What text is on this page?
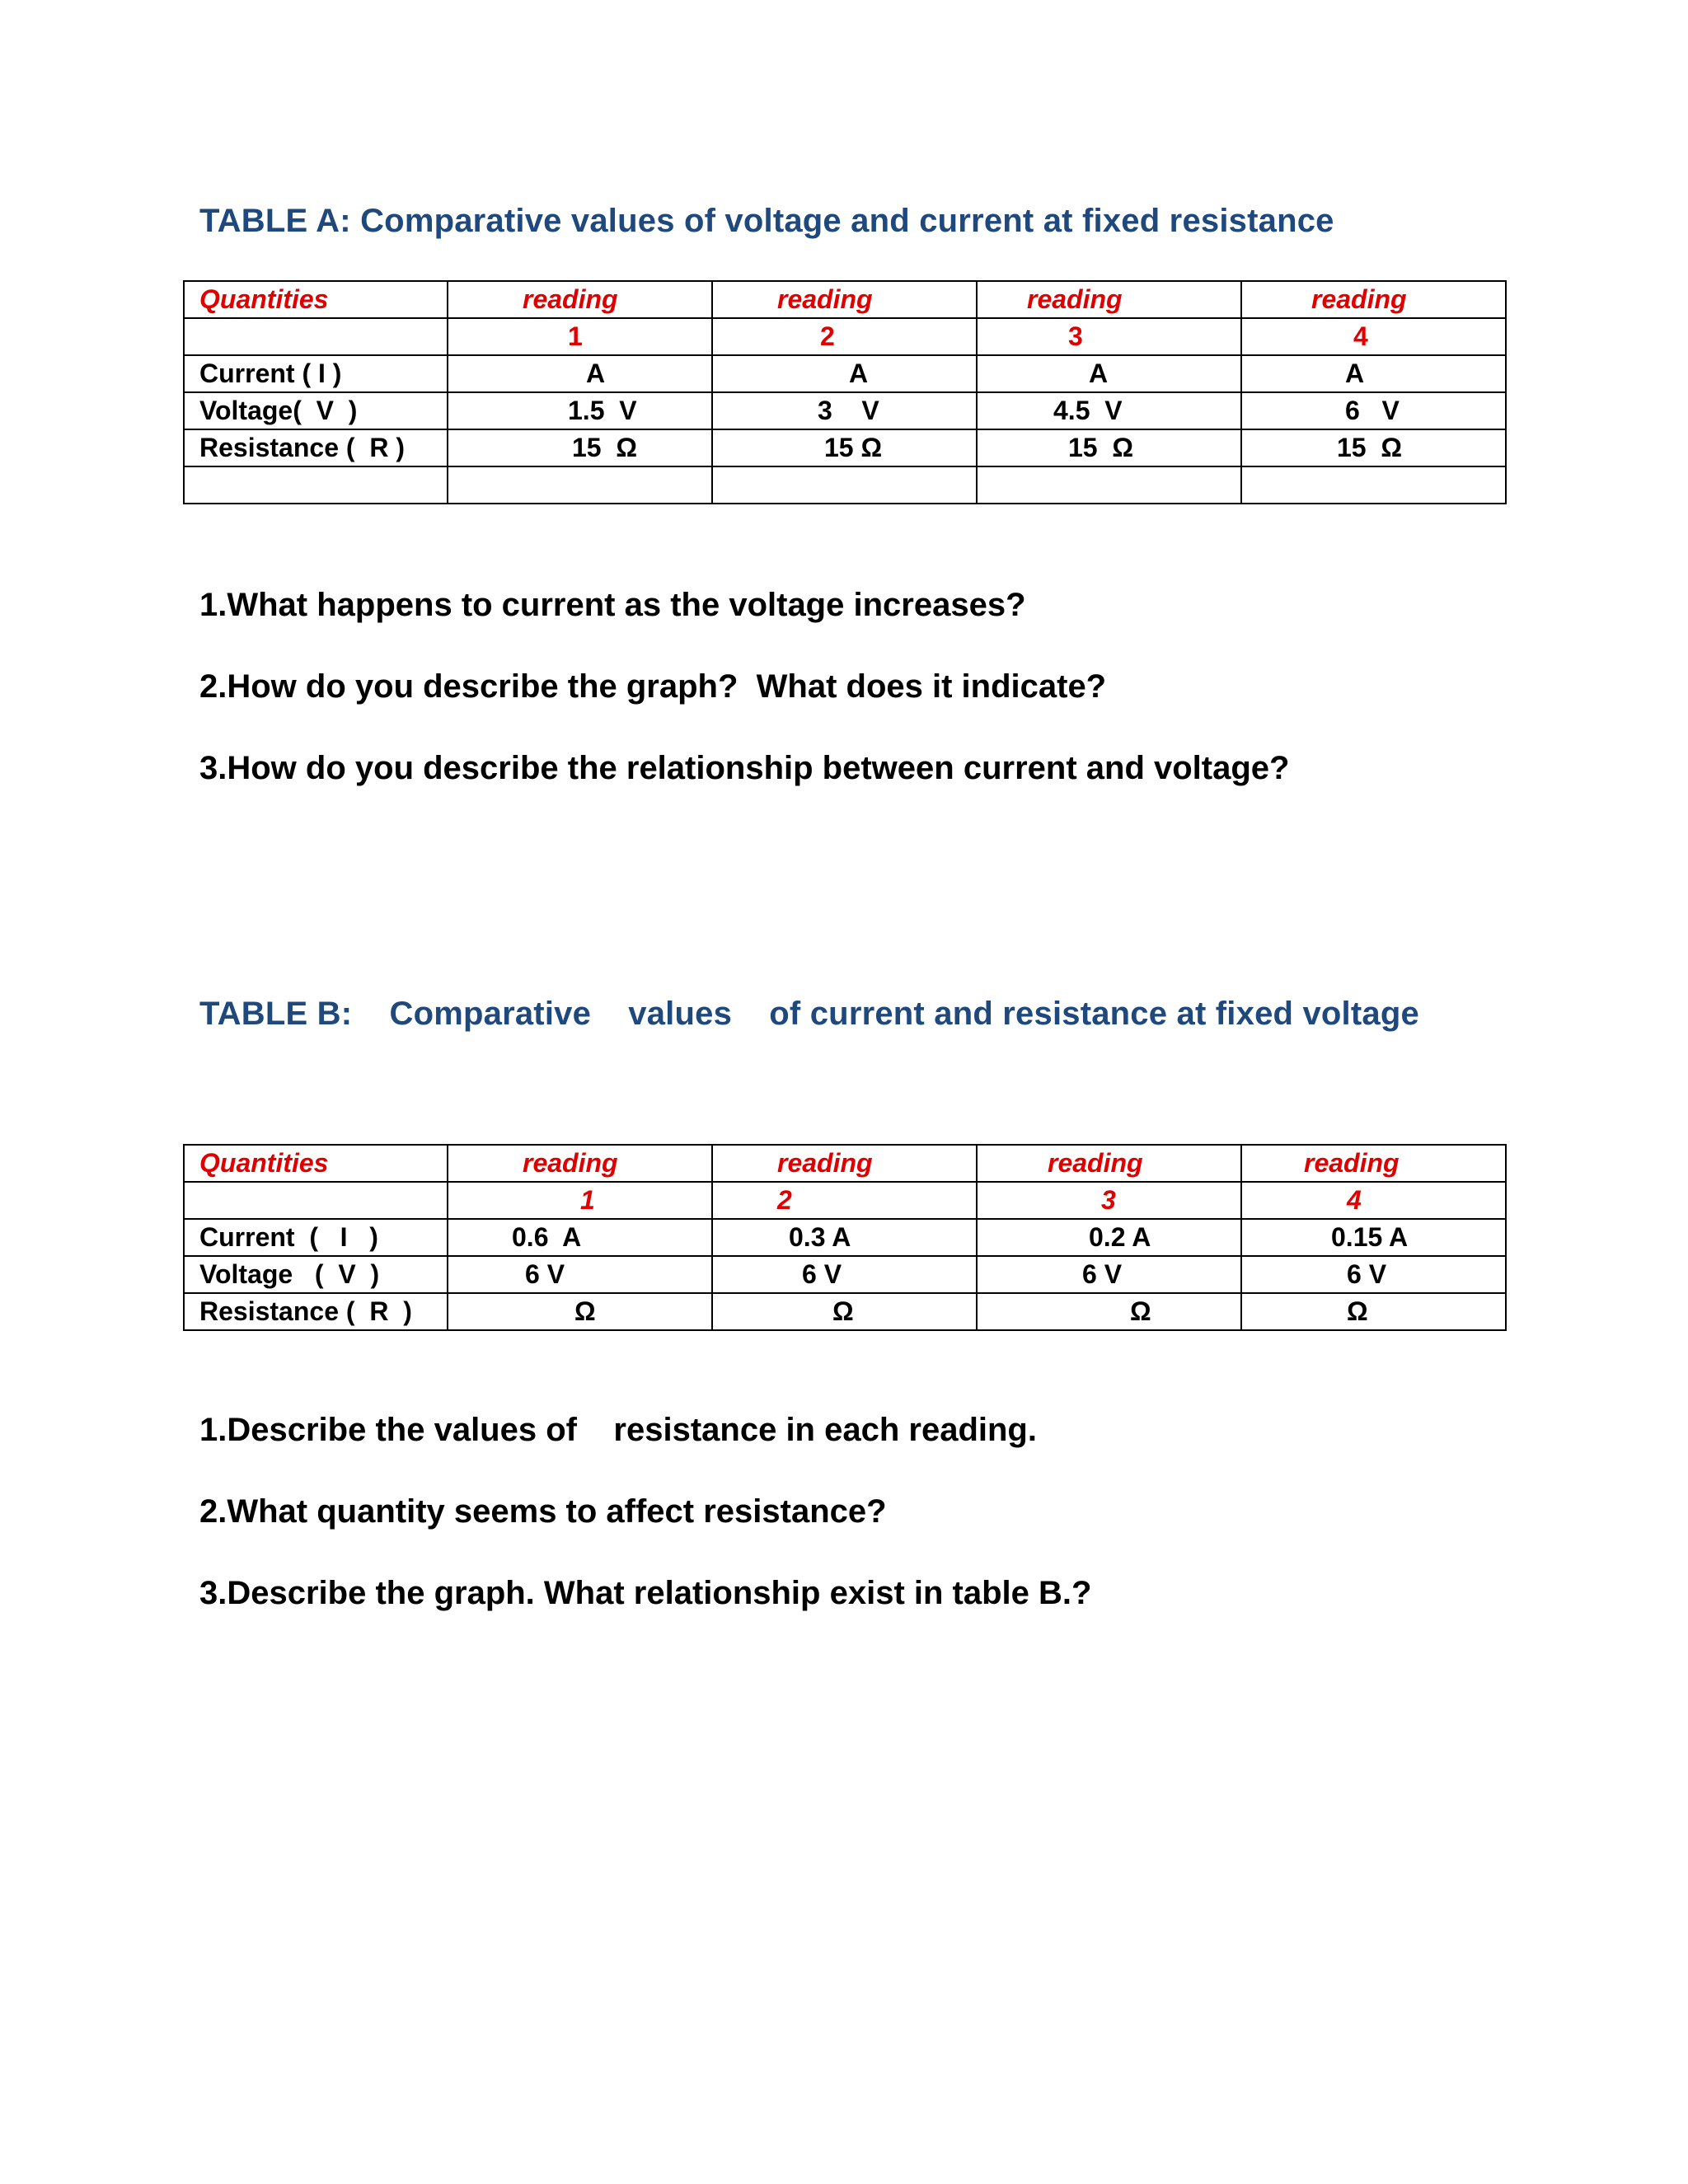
TABLE A: Comparative values of voltage and current at fixed resistance
Quantities	reading	reading	reading	reading
	1	2	3	4
Current ( I )	A	A	A	A
Voltage(  V  )	1.5  V	3    V	4.5  V	6   V
Resistance (  R )	15  Ω	15 Ω	15  Ω	15  Ω

1.What happens to current as the voltage increases?

2.How do you describe the graph?  What does it indicate?

3.How do you describe the relationship between current and voltage?

TABLE B:    Comparative    values    of current and resistance at fixed voltage
Quantities	reading	reading	reading	reading
	1	2	3	4
Current  (   I   )	0.6  A	0.3 A	0.2 A	0.15 A
Voltage   (  V  )	6 V	6 V	6 V	6 V
Resistance (  R  )	Ω	Ω	Ω	Ω

1.Describe the values of    resistance in each reading.

2.What quantity seems to affect resistance?

3.Describe the graph. What relationship exist in table B.?
